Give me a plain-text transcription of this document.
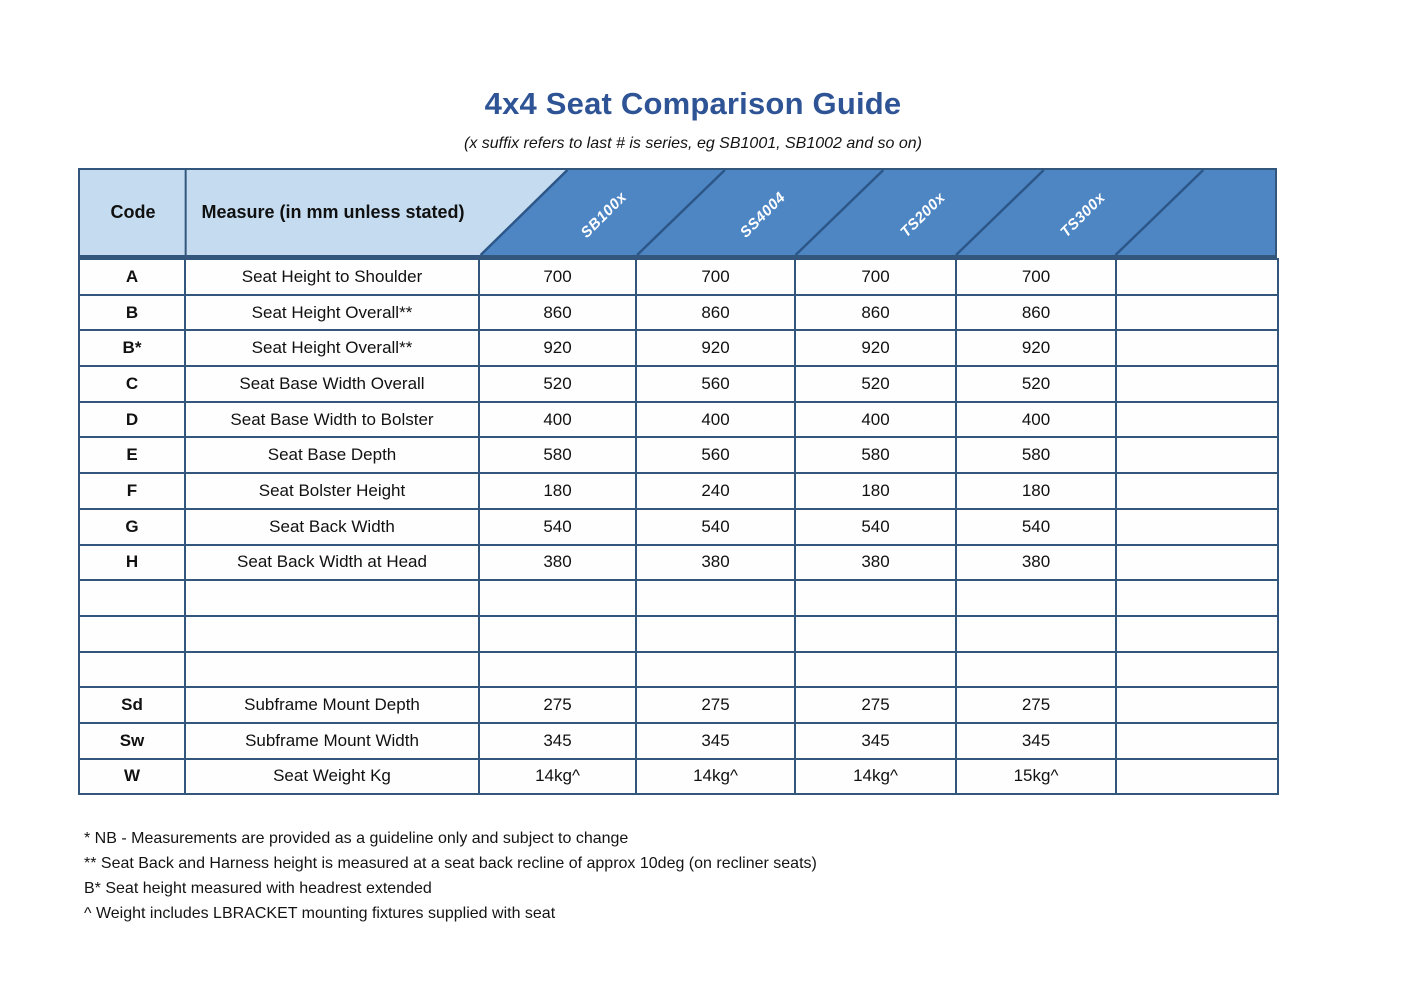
4x4 Seat Comparison Guide
(x suffix refers to last # is series, eg SB1001, SB1002 and so on)
Code	Measure (in mm unless stated)	SB100x	SS4004	TS200x	TS300x
A	Seat Height to Shoulder	700	700	700	700	
B	Seat Height Overall**	860	860	860	860	
B*	Seat Height Overall**	920	920	920	920	
C	Seat Base Width Overall	520	560	520	520	
D	Seat Base Width to Bolster	400	400	400	400	
E	Seat Base Depth	580	560	580	580	
F	Seat Bolster Height	180	240	180	180	
G	Seat Back Width	540	540	540	540	
H	Seat Back Width at Head	380	380	380	380	

Sd	Subframe Mount Depth	275	275	275	275	
Sw	Subframe Mount Width	345	345	345	345	
W	Seat Weight Kg	14kg^	14kg^	14kg^	15kg^	
* NB - Measurements are provided as a guideline only and subject to change
** Seat Back and Harness height is measured at a seat back recline of approx 10deg (on recliner seats)
B* Seat height measured with headrest extended
^ Weight includes LBRACKET mounting fixtures supplied with seat
